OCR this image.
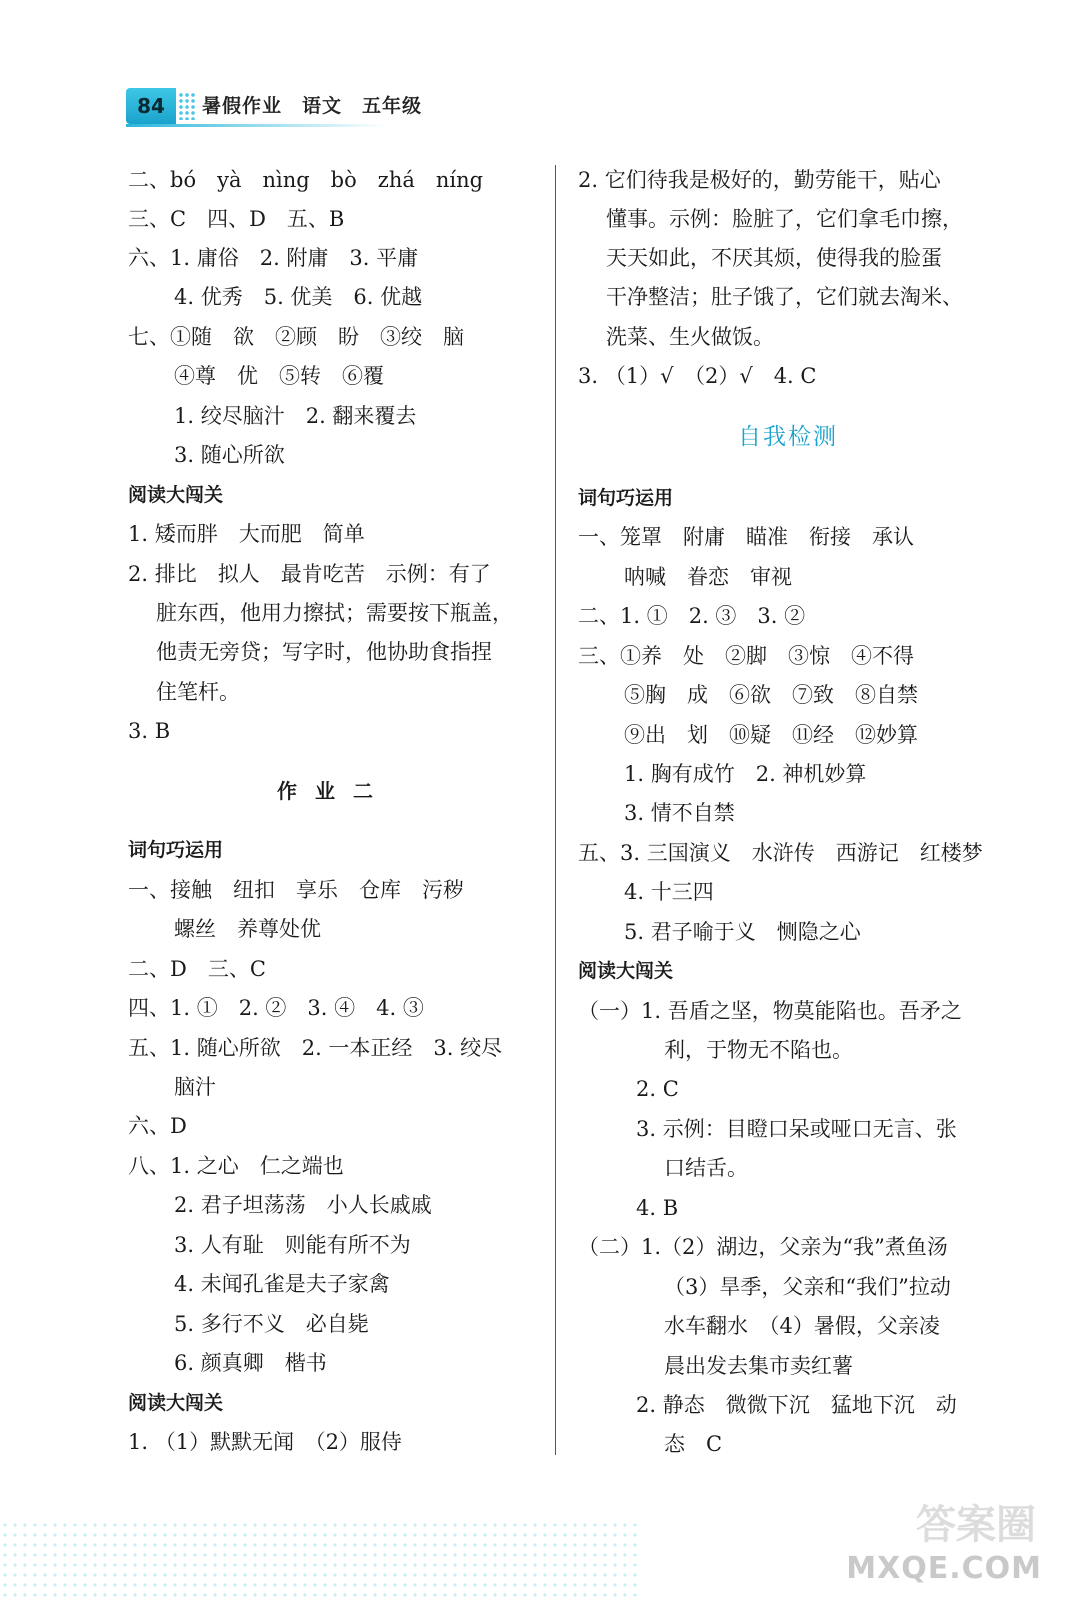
84	暑假作业　语文　五年级
二、bó　yà　nìng　bò　zhá　níng
三、C　四、D　五、B
六、1. 庸俗　2. 附庸　3. 平庸
4. 优秀　5. 优美　6. 优越
七、①随　欲　②顾　盼　③绞　脑
④尊　优　⑤转　⑥覆
1. 绞尽脑汁　2. 翻来覆去
3. 随心所欲
阅读大闯关
1. 矮而胖　大而肥　简单
2. 排比　拟人　最肯吃苦　示例：有了
脏东西，他用力擦拭；需要按下瓶盖，
他责无旁贷；写字时，他协助食指捏
住笔杆。
3. B
作业二
词句巧运用
一、接触　纽扣　享乐　仓库　污秽
螺丝　养尊处优
二、D　三、C
四、1. ①　2. ②　3. ④　4. ③
五、1. 随心所欲　2. 一本正经　3. 绞尽
脑汁
六、D
八、1. 之心　仁之端也
2. 君子坦荡荡　小人长戚戚
3. 人有耻　则能有所不为
4. 未闻孔雀是夫子家禽
5. 多行不义　必自毙
6. 颜真卿　楷书
阅读大闯关
1. （1）默默无闻　（2）服侍
2. 它们待我是极好的，勤劳能干，贴心
懂事。示例：脸脏了，它们拿毛巾擦，
天天如此，不厌其烦，使得我的脸蛋
干净整洁；肚子饿了，它们就去淘米、
洗菜、生火做饭。
3. （1）√　（2）√　4. C
自我检测
词句巧运用
一、笼罩　附庸　瞄准　衔接　承认
呐喊　眷恋　审视
二、1. ①　2. ③　3. ②
三、①养　处　②脚　③惊　④不得
⑤胸　成　⑥欲　⑦致　⑧自禁
⑨出　划　⑩疑　⑪经　⑫妙算
1. 胸有成竹　2. 神机妙算
3. 情不自禁
五、3. 三国演义　水浒传　西游记　红楼梦
4. 十三四
5. 君子喻于义　恻隐之心
阅读大闯关
（一）1. 吾盾之坚，物莫能陷也。吾矛之
利，于物无不陷也。
2. C
3. 示例：目瞪口呆或哑口无言、张
口结舌。
4. B
（二）1.（2）湖边，父亲为“我”煮鱼汤
（3）旱季，父亲和“我们”拉动
水车翻水　（4）暑假，父亲凌
晨出发去集市卖红薯
2. 静态　微微下沉　猛地下沉　动
态　C
答案圈
MXQE.COM
